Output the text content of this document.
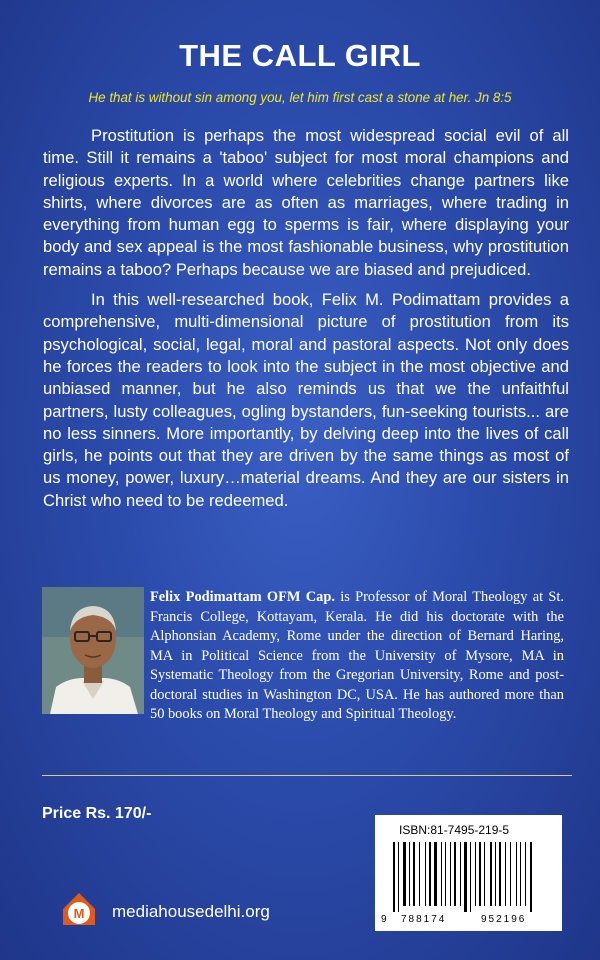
THE CALL GIRL
He that is without sin among you, let him first cast a stone at her. Jn 8:5

Prostitution is perhaps the most widespread social evil of all time. Still it remains a 'taboo' subject for most moral champions and religious experts. In a world where celebrities change partners like shirts, where divorces are as often as marriages, where trading in everything from human egg to sperms is fair, where displaying your body and sex appeal is the most fashionable business, why prostitution remains a taboo? Perhaps because we are biased and prejudiced.

In this well-researched book, Felix M. Podimattam provides a comprehensive, multi-dimensional picture of prostitution from its psychological, social, legal, moral and pastoral aspects. Not only does he forces the readers to look into the subject in the most objective and unbiased manner, but he also reminds us that we the unfaithful partners, lusty colleagues, ogling bystanders, fun-seeking tourists... are no less sinners. More importantly, by delving deep into the lives of call girls, he points out that they are driven by the same things as most of us money, power, luxury…material dreams. And they are our sisters in Christ who need to be redeemed.

Felix Podimattam OFM Cap. is Professor of Moral Theology at St. Francis College, Kottayam, Kerala. He did his doctorate with the Alphonsian Academy, Rome under the direction of Bernard Haring, MA in Political Science from the University of Mysore, MA in Systematic Theology from the Gregorian University, Rome and post-doctoral studies in Washington DC, USA. He has authored more than 50 books on Moral Theology and Spiritual Theology.
Price Rs. 170/-
ISBN:81-7495-219-5
9 788174	952196
M mediahousedelhi.org
